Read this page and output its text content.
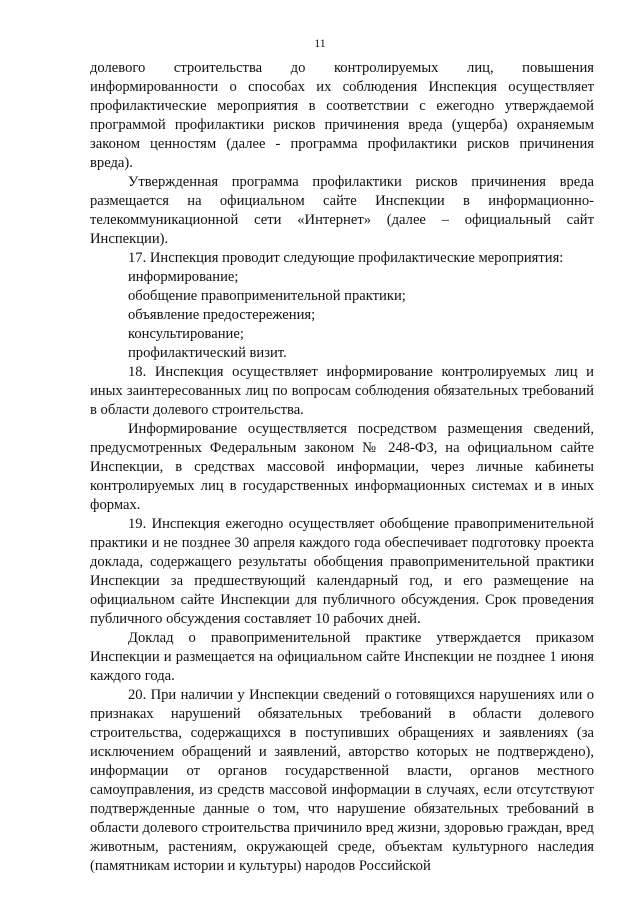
11

долевого строительства до контролируемых лиц, повышения информированности о способах их соблюдения Инспекция осуществляет профилактические мероприятия в соответствии с ежегодно утверждаемой программой профилактики рисков причинения вреда (ущерба) охраняемым законом ценностям (далее - программа профилактики рисков причинения вреда).

Утвержденная программа профилактики рисков причинения вреда размещается на официальном сайте Инспекции в информационно-телекоммуникационной сети «Интернет» (далее – официальный сайт Инспекции).

17. Инспекция проводит следующие профилактические мероприятия:

информирование;

обобщение правоприменительной практики;

объявление предостережения;

консультирование;

профилактический визит.

18. Инспекция осуществляет информирование контролируемых лиц и иных заинтересованных лиц по вопросам соблюдения обязательных требований в области долевого строительства.

Информирование осуществляется посредством размещения сведений, предусмотренных Федеральным законом № 248-ФЗ, на официальном сайте Инспекции, в средствах массовой информации, через личные кабинеты контролируемых лиц в государственных информационных системах и в иных формах.

19. Инспекция ежегодно осуществляет обобщение правоприменительной практики и не позднее 30 апреля каждого года обеспечивает подготовку проекта доклада, содержащего результаты обобщения правоприменительной практики Инспекции за предшествующий календарный год, и его размещение на официальном сайте Инспекции для публичного обсуждения. Срок проведения публичного обсуждения составляет 10 рабочих дней.

Доклад о правоприменительной практике утверждается приказом Инспекции и размещается на официальном сайте Инспекции не позднее 1 июня каждого года.

20. При наличии у Инспекции сведений о готовящихся нарушениях или о признаках нарушений обязательных требований в области долевого строительства, содержащихся в поступивших обращениях и заявлениях (за исключением обращений и заявлений, авторство которых не подтверждено), информации от органов государственной власти, органов местного самоуправления, из средств массовой информации в случаях, если отсутствуют подтвержденные данные о том, что нарушение обязательных требований в области долевого строительства причинило вред жизни, здоровью граждан, вред животным, растениям, окружающей среде, объектам культурного наследия (памятникам истории и культуры) народов Российской
